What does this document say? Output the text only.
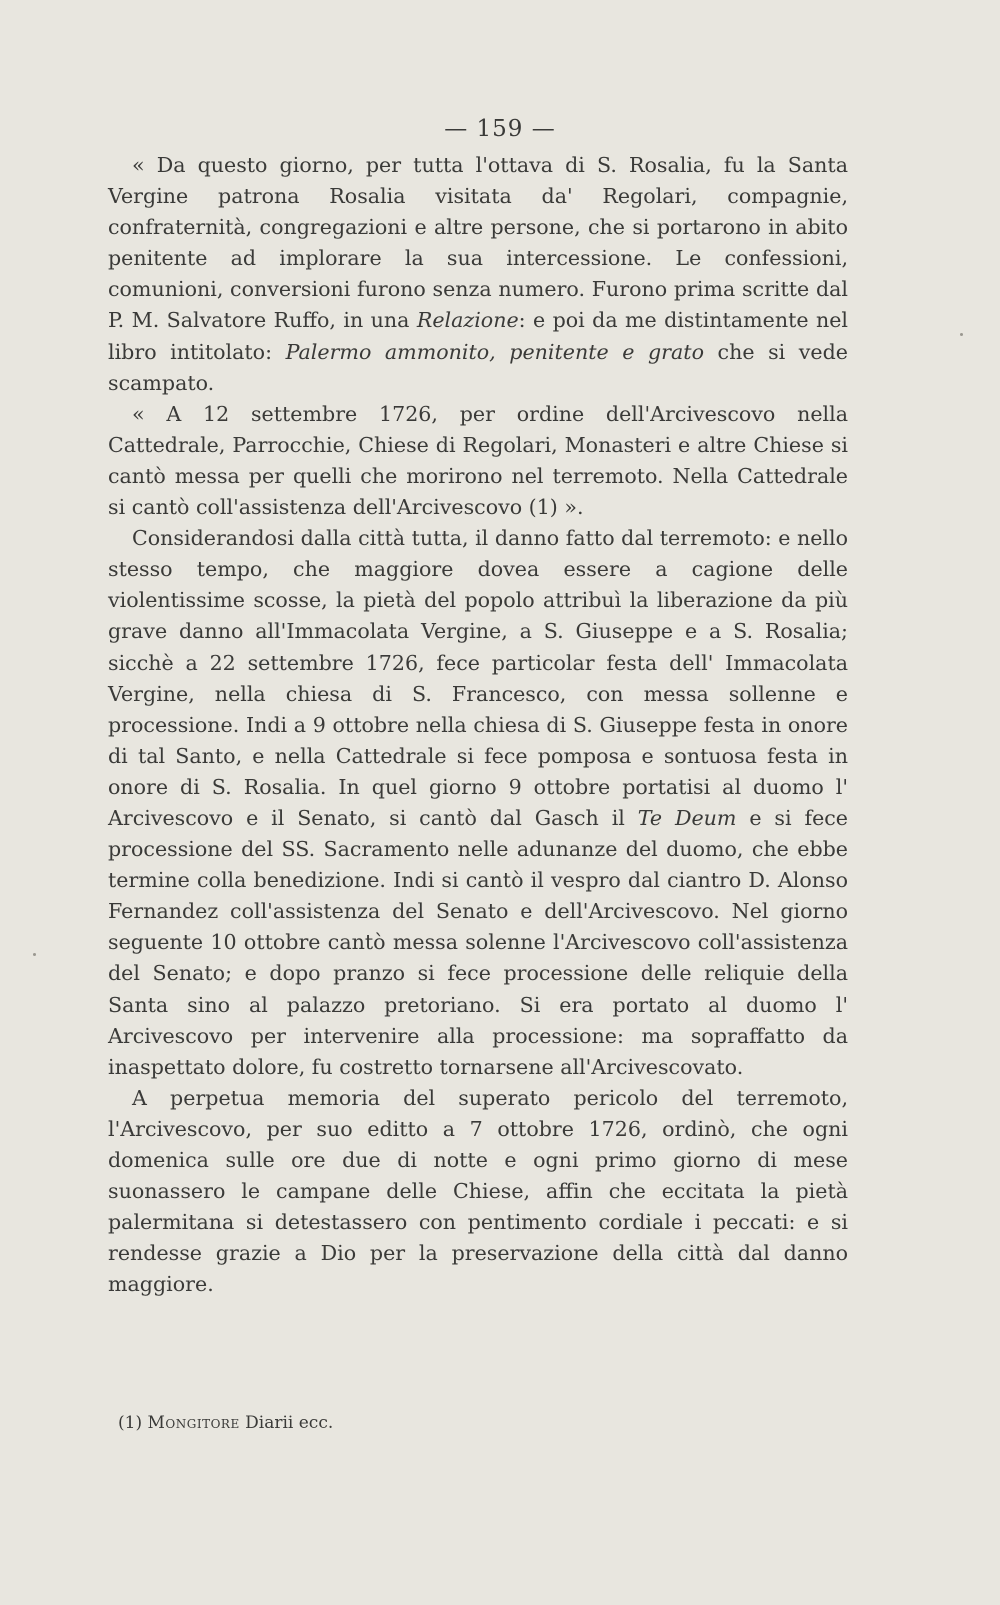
— 159 —

« Da questo giorno, per tutta l'ottava di S. Rosalia, fu la Santa Vergine patrona Rosalia visitata da' Regolari, compagnie, confraternità, congregazioni e altre persone, che si portarono in abito penitente ad implorare la sua intercessione. Le confessioni, comunioni, conversioni furono senza numero. Furono prima scritte dal P. M. Salvatore Ruffo, in una Relazione: e poi da me distintamente nel libro intitolato: Palermo ammonito, penitente e grato che si vede scampato.

« A 12 settembre 1726, per ordine dell'Arcivescovo nella Cattedrale, Parrocchie, Chiese di Regolari, Monasteri e altre Chiese si cantò messa per quelli che morirono nel terremoto. Nella Cattedrale si cantò coll'assistenza dell'Arcivescovo (1) ».

Considerandosi dalla città tutta, il danno fatto dal terremoto: e nello stesso tempo, che maggiore dovea essere a cagione delle violentissime scosse, la pietà del popolo attribuì la liberazione da più grave danno all'Immacolata Vergine, a S. Giuseppe e a S. Rosalia; sicchè a 22 settembre 1726, fece particolar festa dell' Immacolata Vergine, nella chiesa di S. Francesco, con messa sollenne e processione. Indi a 9 ottobre nella chiesa di S. Giuseppe festa in onore di tal Santo, e nella Cattedrale si fece pomposa e sontuosa festa in onore di S. Rosalia. In quel giorno 9 ottobre portatisi al duomo l' Arcivescovo e il Senato, si cantò dal Gasch il Te Deum e si fece processione del SS. Sacramento nelle adunanze del duomo, che ebbe termine colla benedizione. Indi si cantò il vespro dal ciantro D. Alonso Fernandez coll'assistenza del Senato e dell'Arcivescovo. Nel giorno seguente 10 ottobre cantò messa solenne l'Arcivescovo coll'assistenza del Senato; e dopo pranzo si fece processione delle reliquie della Santa sino al palazzo pretoriano. Si era portato al duomo l' Arcivescovo per intervenire alla processione: ma sopraffatto da inaspettato dolore, fu costretto tornarsene all'Arcivescovato.

A perpetua memoria del superato pericolo del terremoto, l'Arcivescovo, per suo editto a 7 ottobre 1726, ordinò, che ogni domenica sulle ore due di notte e ogni primo giorno di mese suonassero le campane delle Chiese, affin che eccitata la pietà palermitana si detestassero con pentimento cordiale i peccati: e si rendesse grazie a Dio per la preservazione della città dal danno maggiore.

(1) Mongitore Diarii ecc.
